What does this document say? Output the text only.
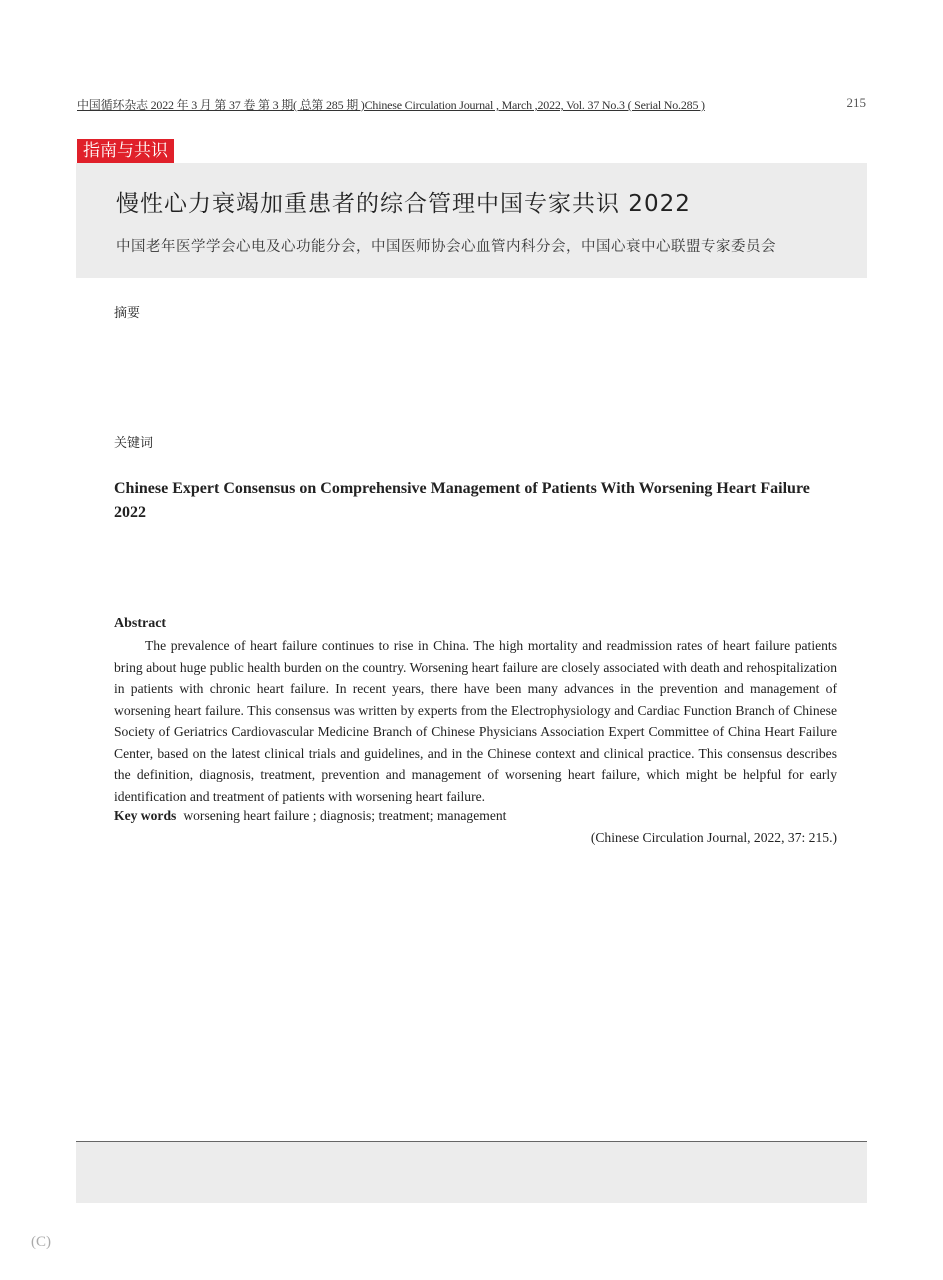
中国循环杂志 2022 年 3 月 第 37 卷 第 3 期( 总第 285 期 )Chinese Circulation Journal , March ,2022, Vol. 37 No.3 ( Serial No.285 )	215
指南与共识
慢性心力衰竭加重患者的综合管理中国专家共识 2022
中国老年医学学会心电及心功能分会，中国医师协会心血管内科分会，中国心衰中心联盟专家委员会
摘要
关键词
Chinese Expert Consensus on Comprehensive Management of Patients With Worsening Heart Failure 2022
Abstract

The prevalence of heart failure continues to rise in China. The high mortality and readmission rates of heart failure patients bring about huge public health burden on the country. Worsening heart failure are closely associated with death and rehospitalization in patients with chronic heart failure. In recent years, there have been many advances in the prevention and management of worsening heart failure. This consensus was written by experts from the Electrophysiology and Cardiac Function Branch of Chinese Society of Geriatrics Cardiovascular Medicine Branch of Chinese Physicians Association Expert Committee of China Heart Failure Center, based on the latest clinical trials and guidelines, and in the Chinese context and clinical practice. This consensus describes the definition, diagnosis, treatment, prevention and management of worsening heart failure, which might be helpful for early identification and treatment of patients with worsening heart failure.

Key words worsening heart failure ; diagnosis; treatment; management
(Chinese Circulation Journal, 2022, 37: 215.)
(C)
